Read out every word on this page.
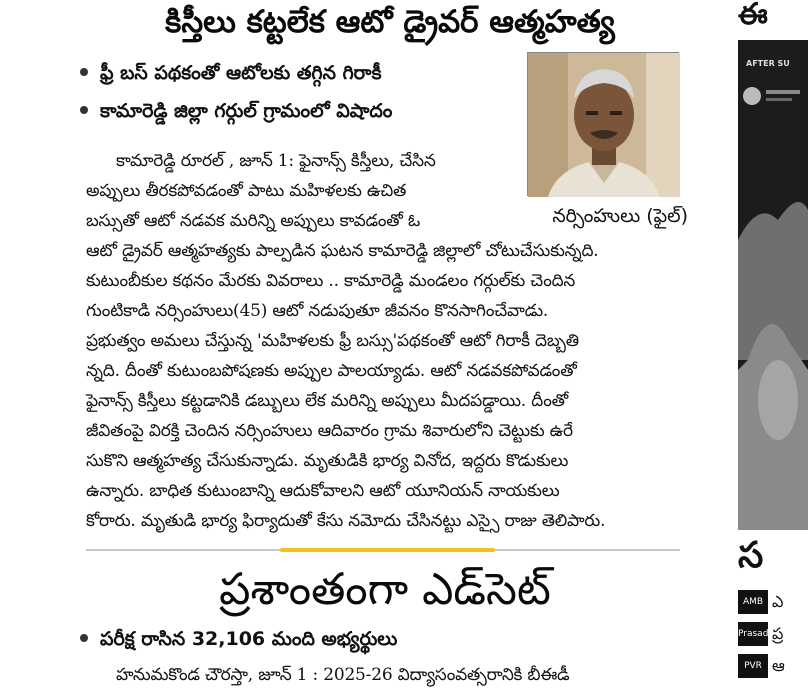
కిస్తీలు కట్టలేక ఆటో డ్రైవర్ ఆత్మహత్య
ఫ్రీ బస్ పథకంతో ఆటోలకు తగ్గిన గిరాకీ
కామారెడ్డి జిల్లా గర్గుల్ గ్రామంలో విషాదం
నర్సింహులు (ఫైల్)
కామారెడ్డి రూరల్ , జూన్ 1: ఫైనాన్స్ కిస్తీలు, చేసిన
అప్పులు తీరకపోవడంతో పాటు మహిళలకు ఉచిత
బస్సుతో ఆటో నడవక మరిన్ని అప్పులు కావడంతో ఓ
ఆటో డ్రైవర్ ఆత్మహత్యకు పాల్పడిన ఘటన కామారెడ్డి జిల్లాలో చోటుచేసుకున్నది.
కుటుంబీకుల కథనం మేరకు వివరాలు .. కామారెడ్డి మండలం గర్గుల్‌కు చెందిన
గుంటికాడి నర్సింహులు(45) ఆటో నడుపుతూ జీవనం కొనసాగించేవాడు.
ప్రభుత్వం అమలు చేస్తున్న 'మహిళలకు ఫ్రీ బస్సు'పథకంతో ఆటో గిరాకీ దెబ్బతి
న్నది. దీంతో కుటుంబపోషణకు అప్పుల పాలయ్యాడు. ఆటో నడవకపోవడంతో
ఫైనాన్స్ కిస్తీలు కట్టడానికి డబ్బులు లేక మరిన్ని అప్పులు మీదపడ్డాయి. దీంతో
జీవితంపై విరక్తి చెందిన నర్సింహులు ఆదివారం గ్రామ శివారులోని చెట్టుకు ఉరే
సుకొని ఆత్మహత్య చేసుకున్నాడు. మృతుడికి భార్య వినోద, ఇద్దరు కొడుకులు
ఉన్నారు. బాధిత కుటుంబాన్ని ఆదుకోవాలని ఆటో యూనియన్ నాయకులు
కోరారు. మృతుడి భార్య ఫిర్యాదుతో కేసు నమోదు చేసినట్టు ఎస్సై రాజు తెలిపారు.
ప్రశాంతంగా ఎడ్‌సెట్
పరీక్ష రాసిన 32,106 మంది అభ్యర్థులు
హనుమకొండ చౌరస్తా, జూన్ 1 : 2025-26 విద్యాసంవత్సరానికి బీఈడీ
ఈ
AFTER SU
స
AMB ఎ
Prasads
ప్ర
PVR ఆ
